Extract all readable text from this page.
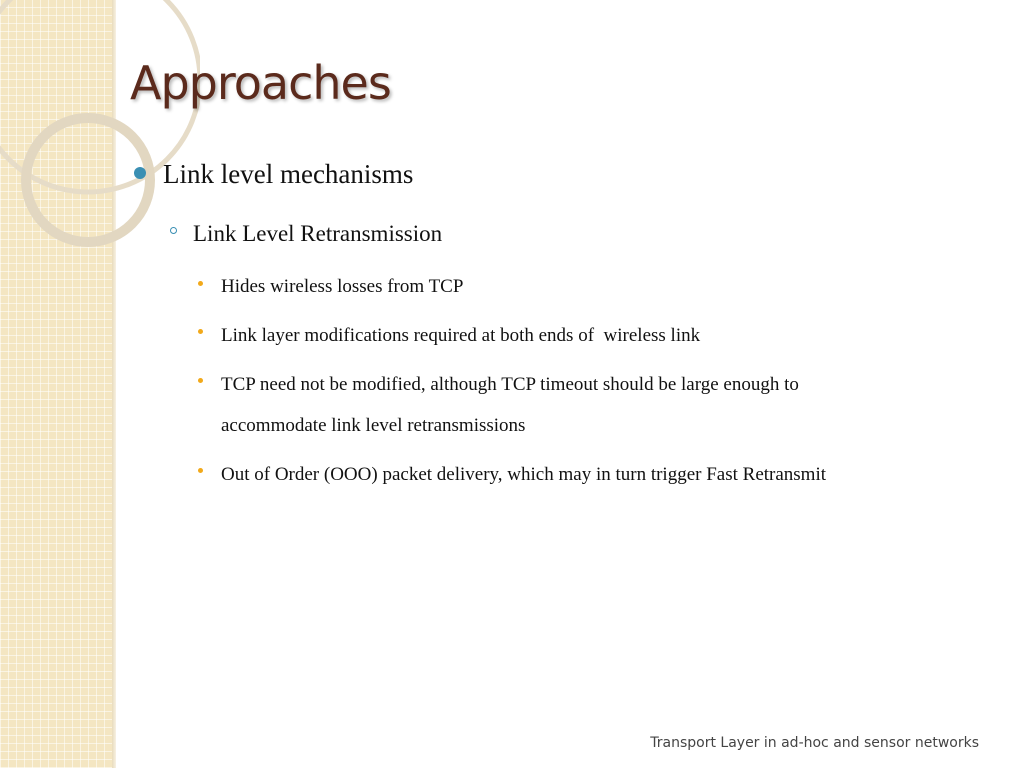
Approaches
Link level mechanisms
Link Level Retransmission
Hides wireless losses from TCP
Link layer modifications required at both ends of  wireless link
TCP need not be modified, although TCP timeout should be large enough to
accommodate link level retransmissions
Out of Order (OOO) packet delivery, which may in turn trigger Fast Retransmit
Transport Layer in ad-hoc and sensor networks
